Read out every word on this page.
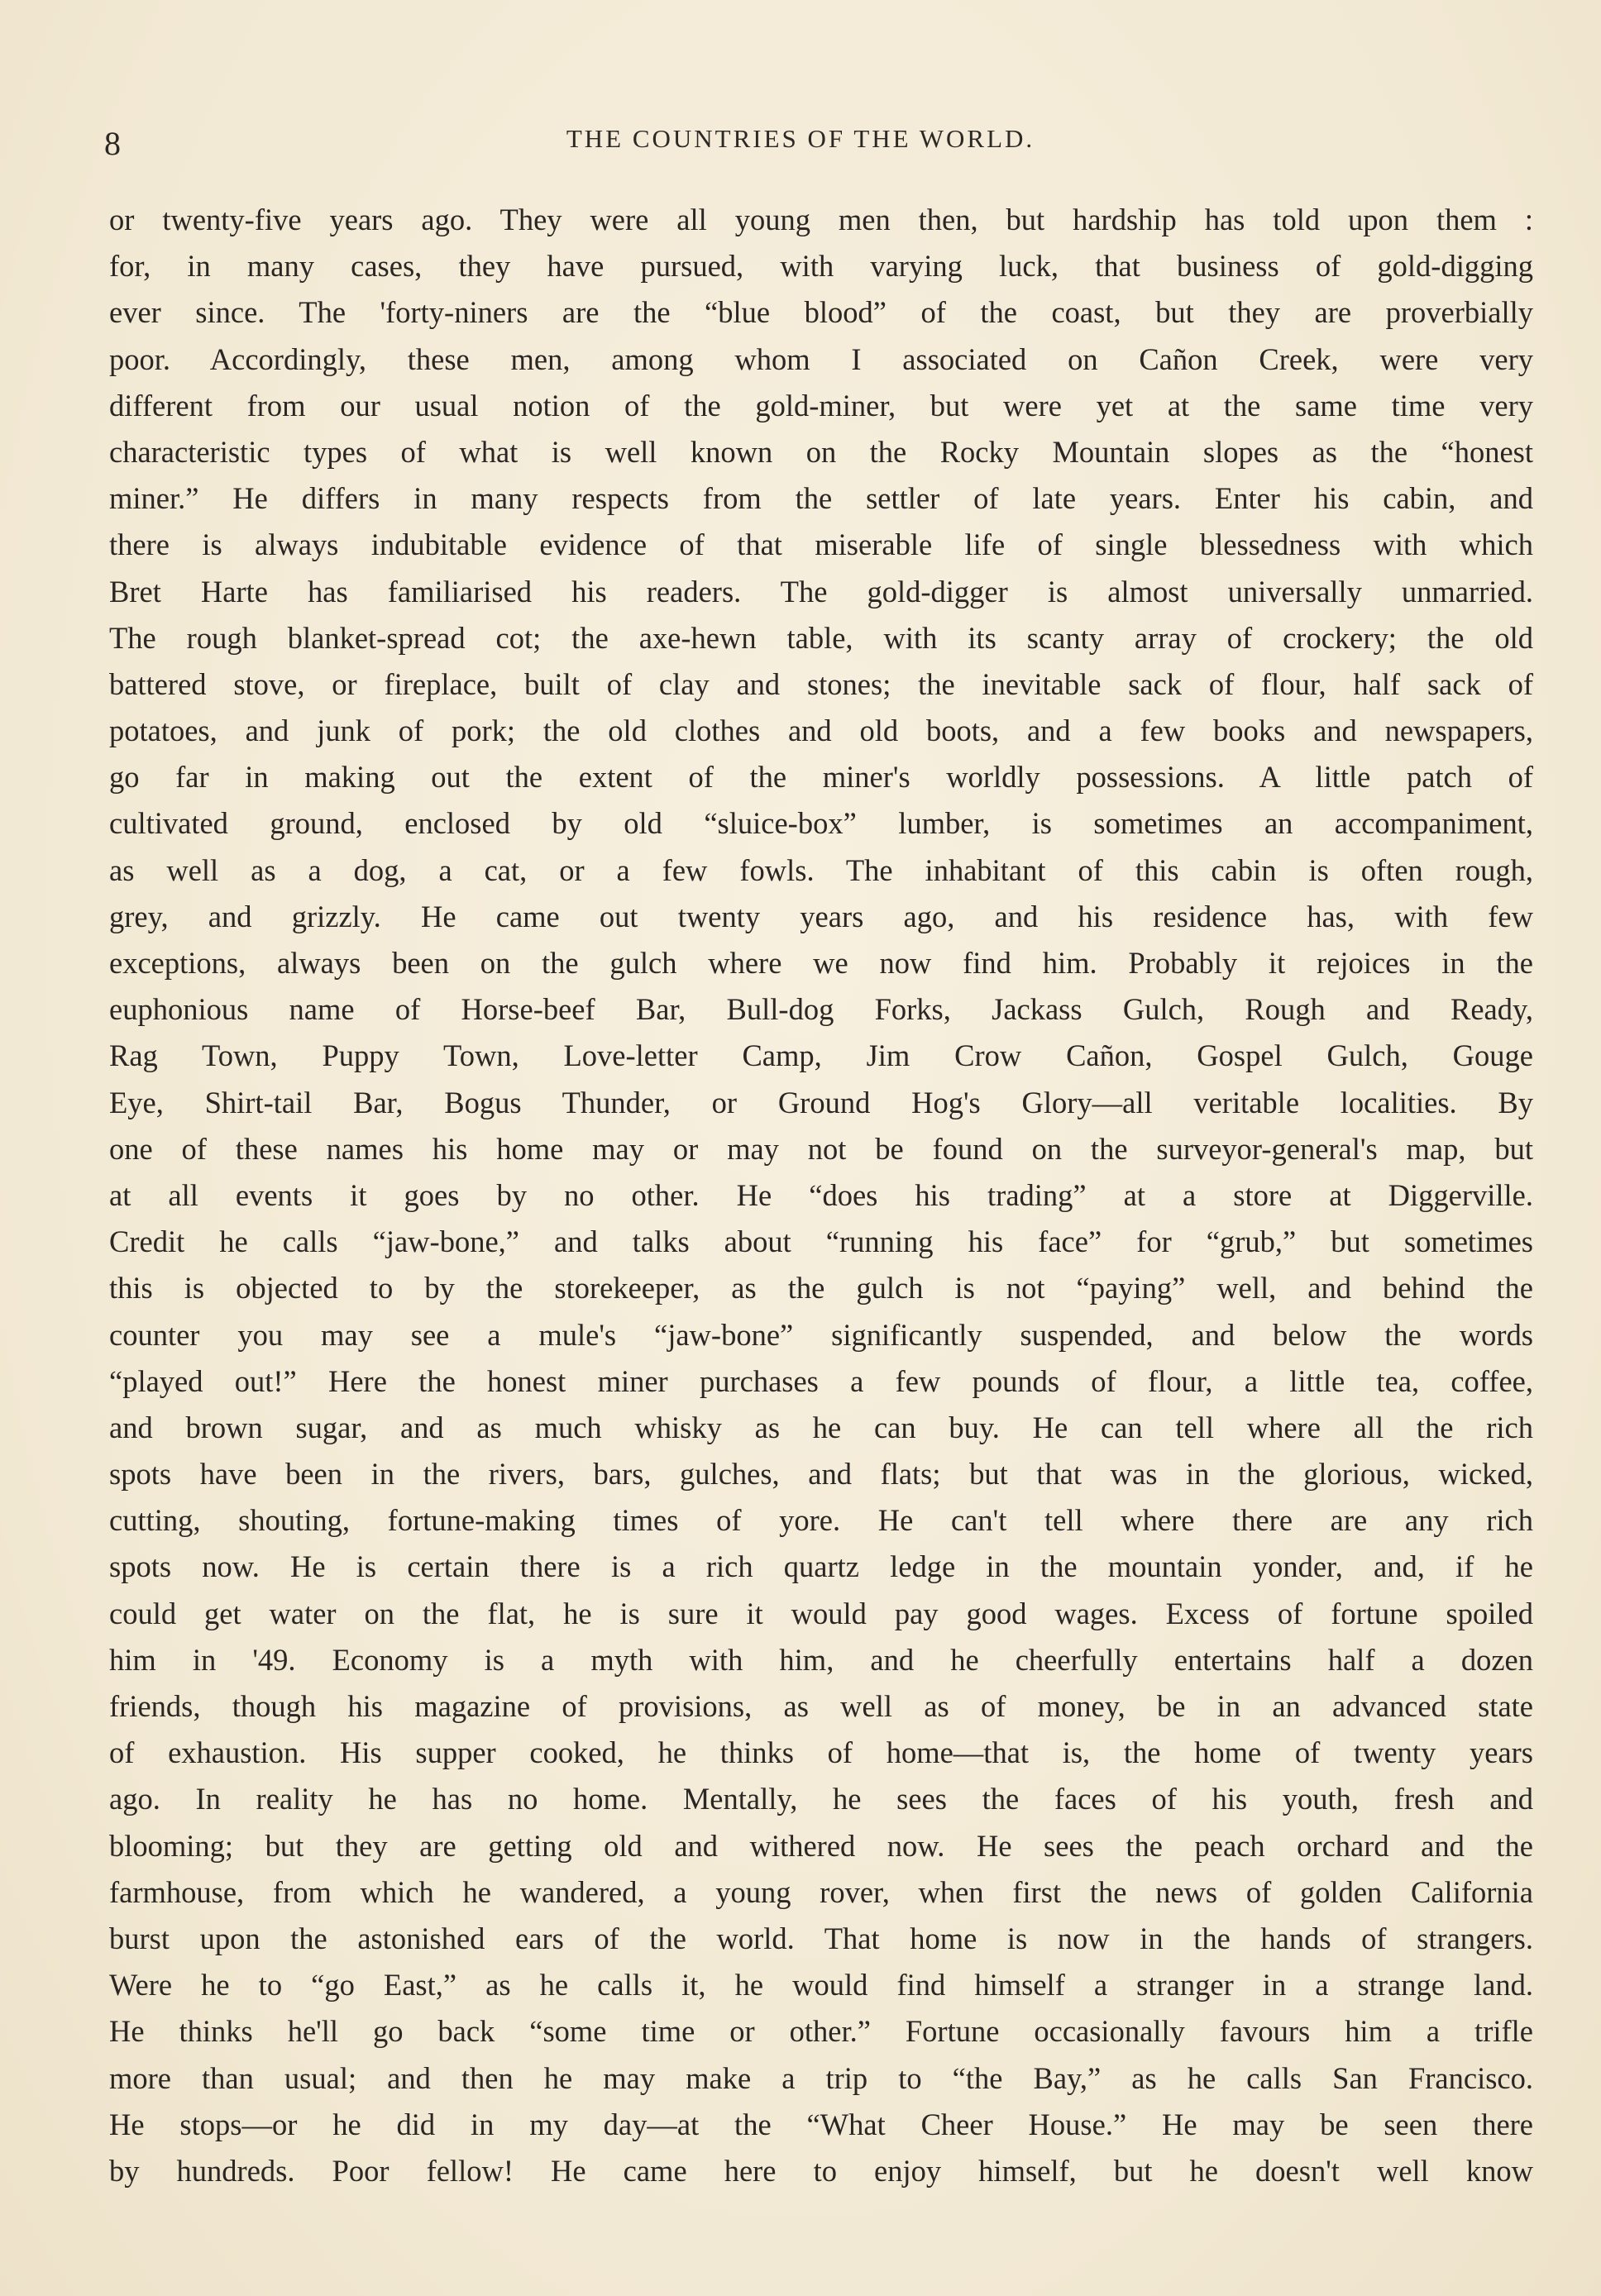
8	THE COUNTRIES OF THE WORLD.
or twenty-five years ago. They were all young men then, but hardship has told upon them :
for, in many cases, they have pursued, with varying luck, that business of gold-digging
ever since. The 'forty-niners are the “blue blood” of the coast, but they are proverbially
poor. Accordingly, these men, among whom I associated on Cañon Creek, were very
different from our usual notion of the gold-miner, but were yet at the same time very
characteristic types of what is well known on the Rocky Mountain slopes as the “honest
miner.” He differs in many respects from the settler of late years. Enter his cabin, and
there is always indubitable evidence of that miserable life of single blessedness with which
Bret Harte has familiarised his readers. The gold-digger is almost universally unmarried.
The rough blanket-spread cot; the axe-hewn table, with its scanty array of crockery; the old
battered stove, or fireplace, built of clay and stones; the inevitable sack of flour, half sack of
potatoes, and junk of pork; the old clothes and old boots, and a few books and newspapers,
go far in making out the extent of the miner's worldly possessions. A little patch of
cultivated ground, enclosed by old “sluice-box” lumber, is sometimes an accompaniment,
as well as a dog, a cat, or a few fowls. The inhabitant of this cabin is often rough,
grey, and grizzly. He came out twenty years ago, and his residence has, with few
exceptions, always been on the gulch where we now find him. Probably it rejoices in the
euphonious name of Horse-beef Bar, Bull-dog Forks, Jackass Gulch, Rough and Ready,
Rag Town, Puppy Town, Love-letter Camp, Jim Crow Cañon, Gospel Gulch, Gouge
Eye, Shirt-tail Bar, Bogus Thunder, or Ground Hog's Glory—all veritable localities. By
one of these names his home may or may not be found on the surveyor-general's map, but
at all events it goes by no other. He “does his trading” at a store at Diggerville.
Credit he calls “jaw-bone,” and talks about “running his face” for “grub,” but sometimes
this is objected to by the storekeeper, as the gulch is not “paying” well, and behind the
counter you may see a mule's “jaw-bone” significantly suspended, and below the words
“played out!” Here the honest miner purchases a few pounds of flour, a little tea, coffee,
and brown sugar, and as much whisky as he can buy. He can tell where all the rich
spots have been in the rivers, bars, gulches, and flats; but that was in the glorious, wicked,
cutting, shouting, fortune-making times of yore. He can't tell where there are any rich
spots now. He is certain there is a rich quartz ledge in the mountain yonder, and, if he
could get water on the flat, he is sure it would pay good wages. Excess of fortune spoiled
him in '49. Economy is a myth with him, and he cheerfully entertains half a dozen
friends, though his magazine of provisions, as well as of money, be in an advanced state
of exhaustion. His supper cooked, he thinks of home—that is, the home of twenty years
ago. In reality he has no home. Mentally, he sees the faces of his youth, fresh and
blooming; but they are getting old and withered now. He sees the peach orchard and the
farmhouse, from which he wandered, a young rover, when first the news of golden California
burst upon the astonished ears of the world. That home is now in the hands of strangers.
Were he to “go East,” as he calls it, he would find himself a stranger in a strange land.
He thinks he'll go back “some time or other.” Fortune occasionally favours him a trifle
more than usual; and then he may make a trip to “the Bay,” as he calls San Francisco.
He stops—or he did in my day—at the “What Cheer House.” He may be seen there
by hundreds. Poor fellow! He came here to enjoy himself, but he doesn't well know
